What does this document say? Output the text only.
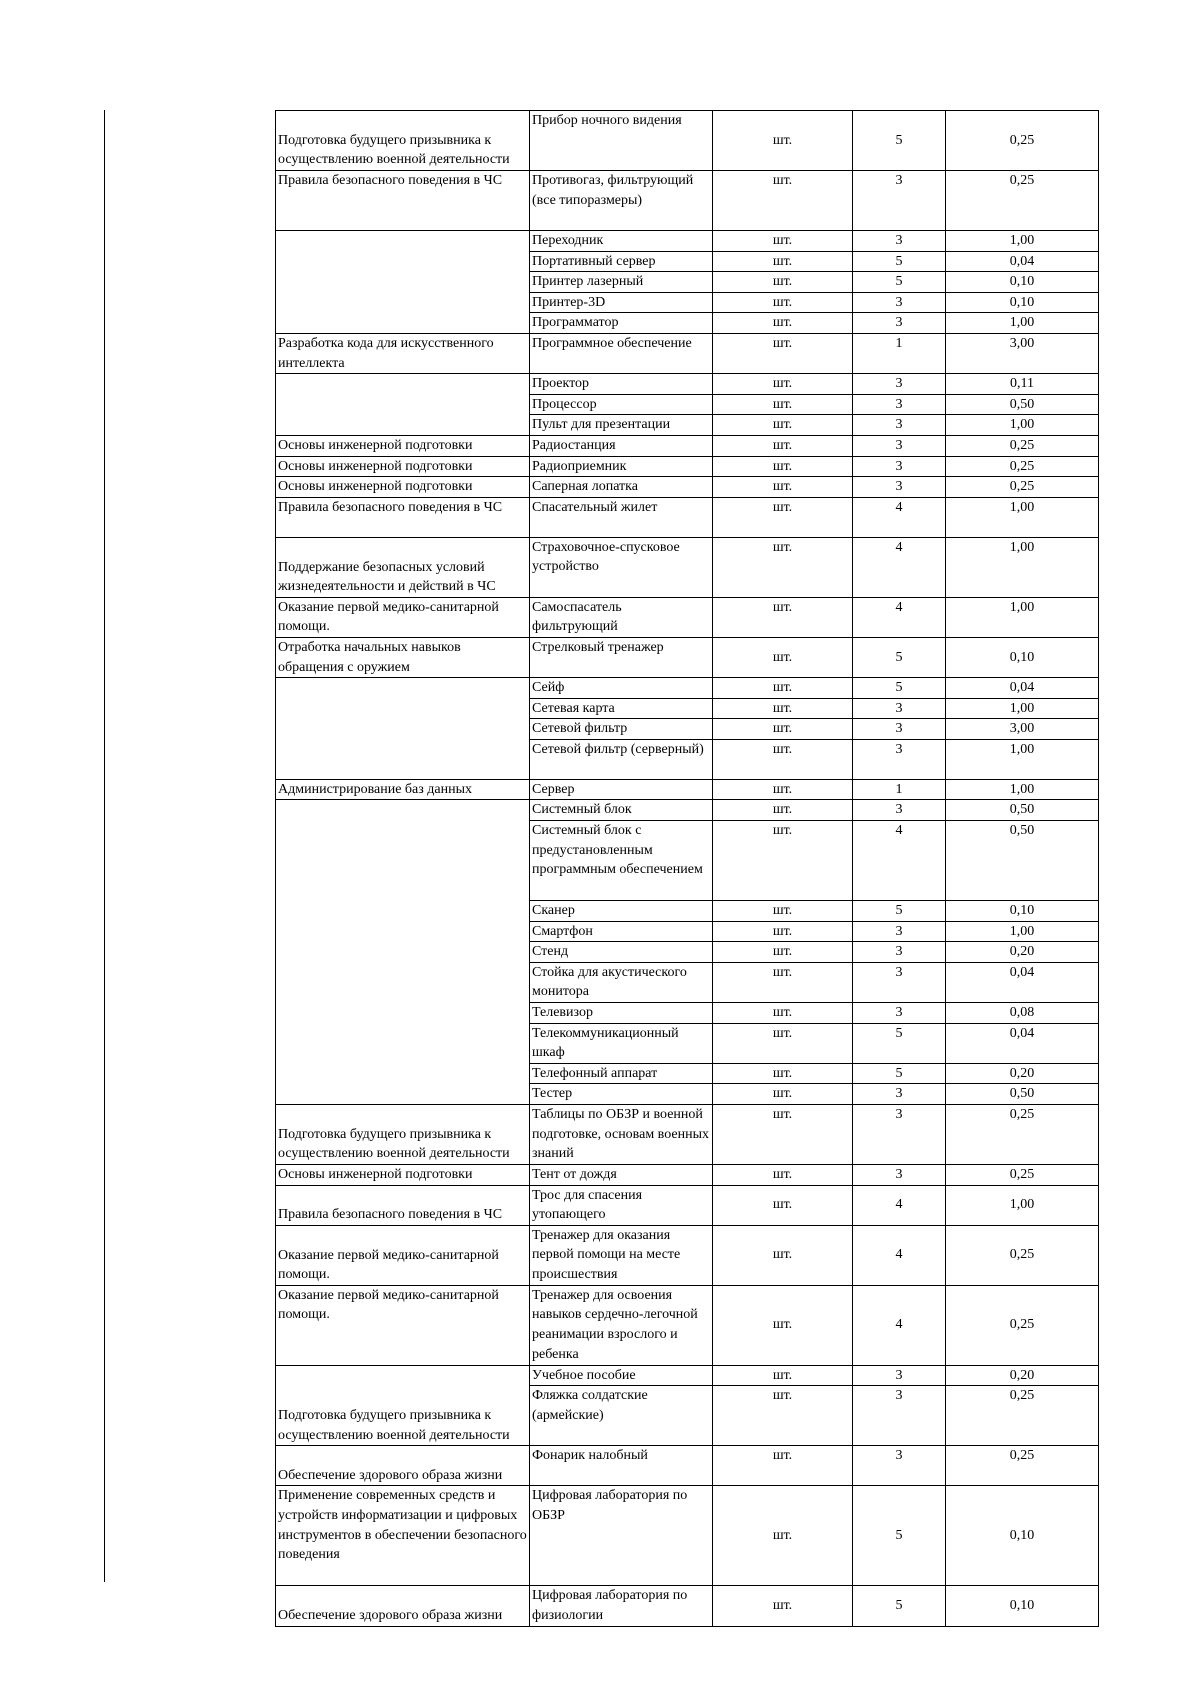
Подготовка будущего призывника к осуществлению военной деятельности	Прибор ночного видения	шт.	5	0,25
Правила безопасного поведения в ЧС	Противогаз, фильтрующий (все типоразмеры)	шт.	3	0,25
	Переходник	шт.	3	1,00
	Портативный сервер	шт.	5	0,04
	Принтер лазерный	шт.	5	0,10
	Принтер-3D	шт.	3	0,10
	Программатор	шт.	3	1,00
Разработка кода для искусственного интеллекта	Программное обеспечение	шт.	1	3,00
	Проектор	шт.	3	0,11
	Процессор	шт.	3	0,50
	Пульт для презентации	шт.	3	1,00
Основы инженерной подготовки	Радиостанция	шт.	3	0,25
Основы инженерной подготовки	Радиоприемник	шт.	3	0,25
Основы инженерной подготовки	Саперная лопатка	шт.	3	0,25
Правила безопасного поведения в ЧС	Спасательный жилет	шт.	4	1,00
Поддержание безопасных условий жизнедеятельности и действий в ЧС	Страховочное-спусковое устройство	шт.	4	1,00
Оказание первой медико-санитарной помощи.	Самоспасатель фильтрующий	шт.	4	1,00
Отработка начальных навыков обращения с оружием	Стрелковый тренажер	шт.	5	0,10
	Сейф	шт.	5	0,04
	Сетевая карта	шт.	3	1,00
	Сетевой фильтр	шт.	3	3,00
	Сетевой фильтр (серверный)	шт.	3	1,00
Администрирование баз данных	Сервер	шт.	1	1,00
	Системный блок	шт.	3	0,50
	Системный блок с предустановленным программным обеспечением	шт.	4	0,50
	Сканер	шт.	5	0,10
	Смартфон	шт.	3	1,00
	Стенд	шт.	3	0,20
	Стойка для акустического монитора	шт.	3	0,04
	Телевизор	шт.	3	0,08
	Телекоммуникационный шкаф	шт.	5	0,04
	Телефонный аппарат	шт.	5	0,20
	Тестер	шт.	3	0,50
Подготовка будущего призывника к осуществлению военной деятельности	Таблицы по ОБЗР и военной подготовке, основам военных знаний	шт.	3	0,25
Основы инженерной подготовки	Тент от дождя	шт.	3	0,25
Правила безопасного поведения в ЧС	Трос для спасения утопающего	шт.	4	1,00
Оказание первой медико-санитарной помощи.	Тренажер для оказания первой помощи на месте происшествия	шт.	4	0,25
Оказание первой медико-санитарной помощи.	Тренажер для освоения навыков сердечно-легочной реанимации взрослого и ребенка	шт.	4	0,25
Подготовка будущего призывника к осуществлению военной деятельности	Учебное пособие	шт.	3	0,20
	Фляжка солдатские (армейские)	шт.	3	0,25
Обеспечение здорового образа жизни	Фонарик налобный	шт.	3	0,25
Применение современных средств и устройств информатизации и цифровых инструментов в обеспечении безопасного поведения	Цифровая лаборатория по ОБЗР	шт.	5	0,10
Обеспечение здорового образа жизни	Цифровая лаборатория по физиологии	шт.	5	0,10
